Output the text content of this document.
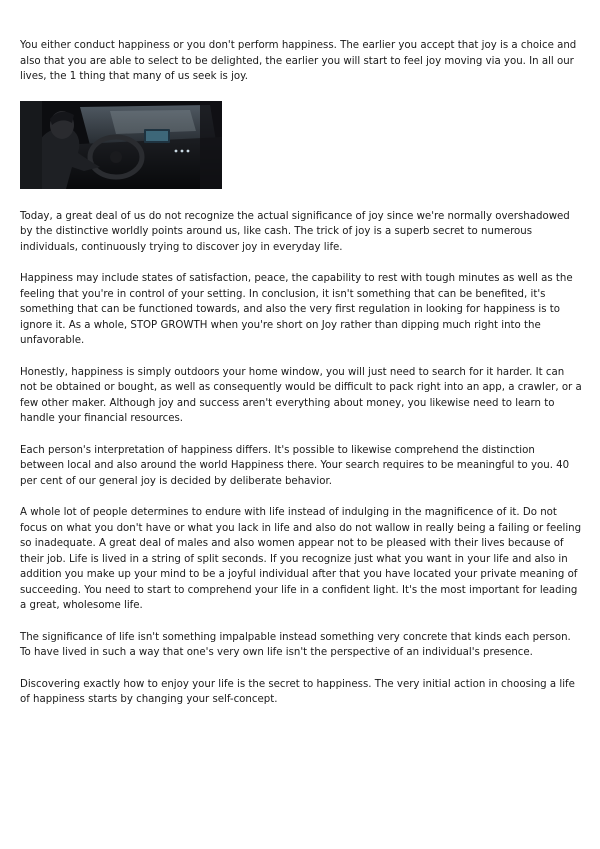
You either conduct happiness or you don't perform happiness. The earlier you accept that joy is a choice and also that you are able to select to be delighted, the earlier you will start to feel joy moving via you. In all our lives, the 1 thing that many of us seek is joy.

Today, a great deal of us do not recognize the actual significance of joy since we're normally overshadowed by the distinctive worldly points around us, like cash. The trick of joy is a superb secret to numerous individuals, continuously trying to discover joy in everyday life.

Happiness may include states of satisfaction, peace, the capability to rest with tough minutes as well as the feeling that you're in control of your setting. In conclusion, it isn't something that can be benefited, it's something that can be functioned towards, and also the very first regulation in looking for happiness is to ignore it. As a whole, STOP GROWTH when you're short on Joy rather than dipping much right into the unfavorable.

Honestly, happiness is simply outdoors your home window, you will just need to search for it harder. It can not be obtained or bought, as well as consequently would be difficult to pack right into an app, a crawler, or a few other maker. Although joy and success aren't everything about money, you likewise need to learn to handle your financial resources.

Each person's interpretation of happiness differs. It's possible to likewise comprehend the distinction between local and also around the world Happiness there. Your search requires to be meaningful to you. 40 per cent of our general joy is decided by deliberate behavior.

A whole lot of people determines to endure with life instead of indulging in the magnificence of it. Do not focus on what you don't have or what you lack in life and also do not wallow in really being a failing or feeling so inadequate. A great deal of males and also women appear not to be pleased with their lives because of their job. Life is lived in a string of split seconds. If you recognize just what you want in your life and also in addition you make up your mind to be a joyful individual after that you have located your private meaning of succeeding. You need to start to comprehend your life in a confident light. It's the most important for leading a great, wholesome life.

The significance of life isn't something impalpable instead something very concrete that kinds each person. To have lived in such a way that one's very own life isn't the perspective of an individual's presence.

Discovering exactly how to enjoy your life is the secret to happiness. The very initial action in choosing a life of happiness starts by changing your self-concept.
